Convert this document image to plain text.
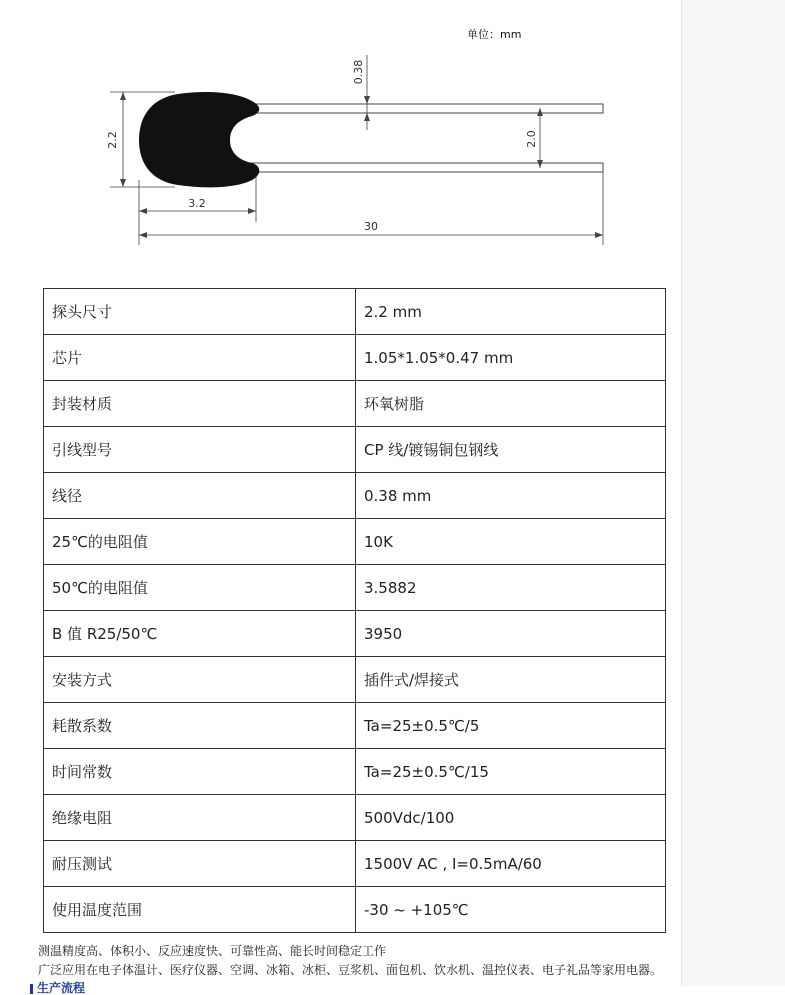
单位：mm
0.38
2.2	2.0
3.2
30
探头尺寸	2.2 mm
芯片	1.05*1.05*0.47 mm
封装材质	环氧树脂
引线型号	CP 线/镀锡铜包钢线
线径	0.38 mm
25℃的电阻值	10K
50℃的电阻值	3.5882
B 值 R25/50℃	3950
安装方式	插件式/焊接式
耗散系数	Ta=25±0.5℃/5
时间常数	Ta=25±0.5℃/15
绝缘电阻	500Vdc/100
耐压测试	1500V AC , I=0.5mA/60
使用温度范围	-30 ~ +105℃
测温精度高、体积小、反应速度快、可靠性高、能长时间稳定工作
广泛应用在电子体温计、医疗仪器、空调、冰箱、冰柜、豆浆机、面包机、饮水机、温控仪表、电子礼品等家用电器。
生产流程
